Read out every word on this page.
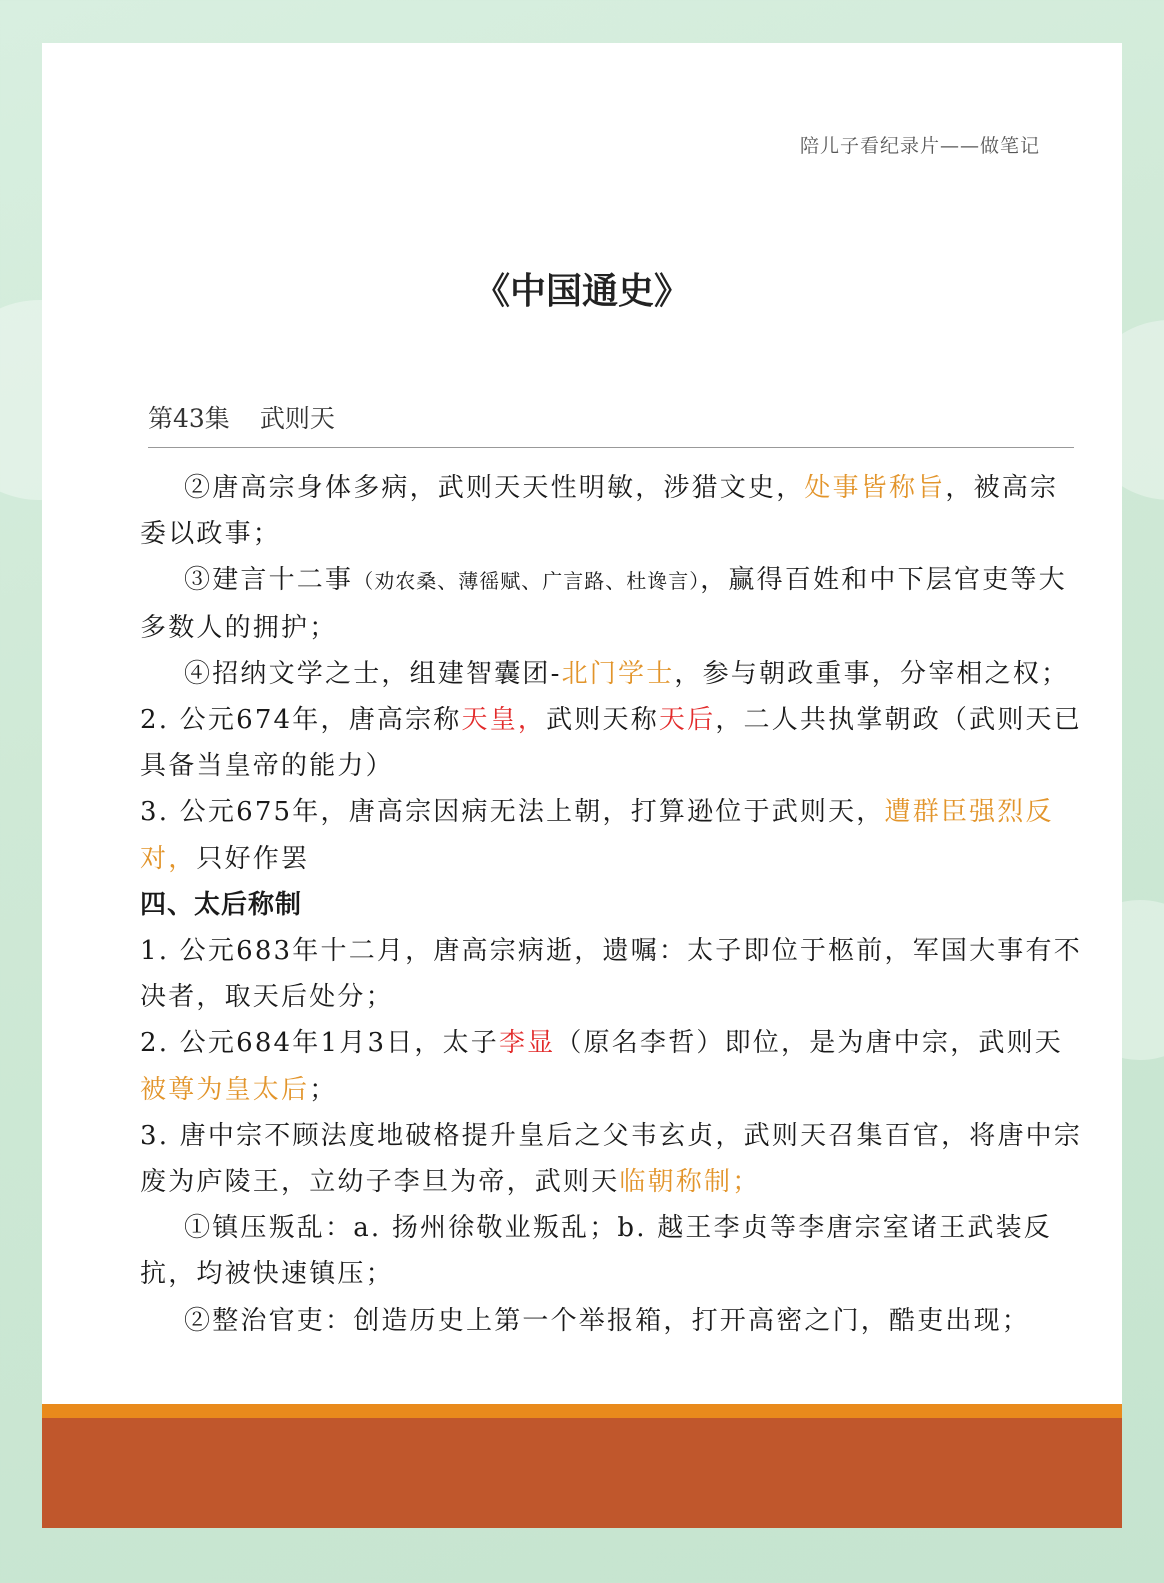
陪儿子看纪录片——做笔记
《中国通史》
第43集 武则天

②唐高宗身体多病，武则天天性明敏，涉猎文史，处事皆称旨，被高宗委以政事；

③建言十二事（劝农桑、薄徭赋、广言路、杜谗言），赢得百姓和中下层官吏等大多数人的拥护；

④招纳文学之士，组建智囊团-北门学士，参与朝政重事，分宰相之权；

2. 公元674年，唐高宗称天皇，武则天称天后，二人共执掌朝政（武则天已具备当皇帝的能力）

3. 公元675年，唐高宗因病无法上朝，打算逊位于武则天，遭群臣强烈反对，只好作罢

四、太后称制

1. 公元683年十二月，唐高宗病逝，遗嘱：太子即位于柩前，军国大事有不决者，取天后处分；

2. 公元684年1月3日，太子李显（原名李哲）即位，是为唐中宗，武则天被尊为皇太后；

3. 唐中宗不顾法度地破格提升皇后之父韦玄贞，武则天召集百官，将唐中宗废为庐陵王，立幼子李旦为帝，武则天临朝称制；

①镇压叛乱：a. 扬州徐敬业叛乱；b. 越王李贞等李唐宗室诸王武装反抗，均被快速镇压；

②整治官吏：创造历史上第一个举报箱，打开高密之门，酷吏出现；
